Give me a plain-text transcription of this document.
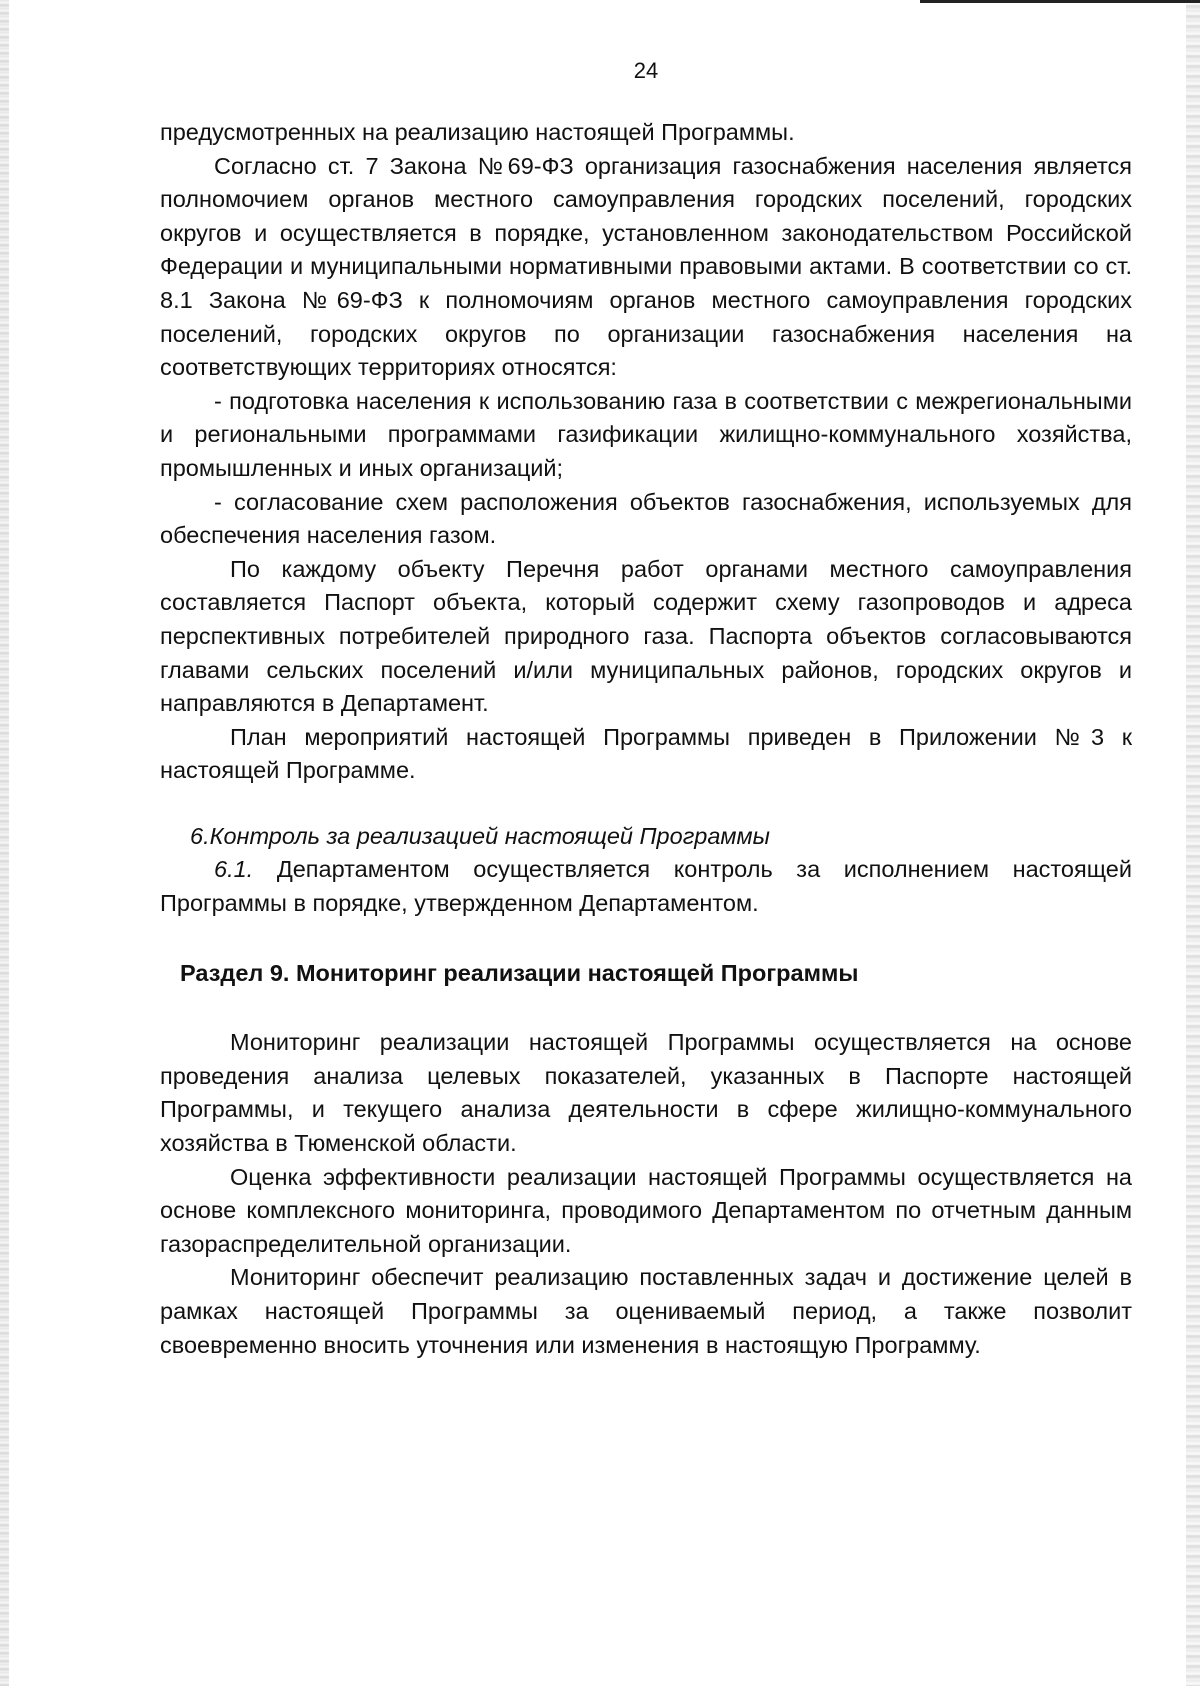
24

предусмотренных на реализацию настоящей Программы.

Согласно ст. 7 Закона №69-ФЗ организация газоснабжения населения является полномочием органов местного самоуправления городских поселений, городских округов и осуществляется в порядке, установленном законодательством Российской Федерации и муниципальными нормативными правовыми актами. В соответствии со ст. 8.1 Закона №69-ФЗ к полномочиям органов местного самоуправления городских поселений, городских округов по организации газоснабжения населения на соответствующих территориях относятся:

- подготовка населения к использованию газа в соответствии с межрегиональными и региональными программами газификации жилищно-коммунального хозяйства, промышленных и иных организаций;

- согласование схем расположения объектов газоснабжения, используемых для обеспечения населения газом.

По каждому объекту Перечня работ органами местного самоуправления составляется Паспорт объекта, который содержит схему газопроводов и адреса перспективных потребителей природного газа. Паспорта объектов согласовываются главами сельских поселений и/или муниципальных районов, городских округов и направляются в Департамент.

План мероприятий настоящей Программы приведен в Приложении №3 к настоящей Программе.

6.Контроль за реализацией настоящей Программы

6.1. Департаментом осуществляется контроль за исполнением настоящей Программы в порядке, утвержденном Департаментом.

Раздел 9. Мониторинг реализации настоящей Программы

Мониторинг реализации настоящей Программы осуществляется на основе проведения анализа целевых показателей, указанных в Паспорте настоящей Программы, и текущего анализа деятельности в сфере жилищно-коммунального хозяйства в Тюменской области.

Оценка эффективности реализации настоящей Программы осуществляется на основе комплексного мониторинга, проводимого Департаментом по отчетным данным газораспределительной организации.

Мониторинг обеспечит реализацию поставленных задач и достижение целей в рамках настоящей Программы за оцениваемый период, а также позволит своевременно вносить уточнения или изменения в настоящую Программу.
